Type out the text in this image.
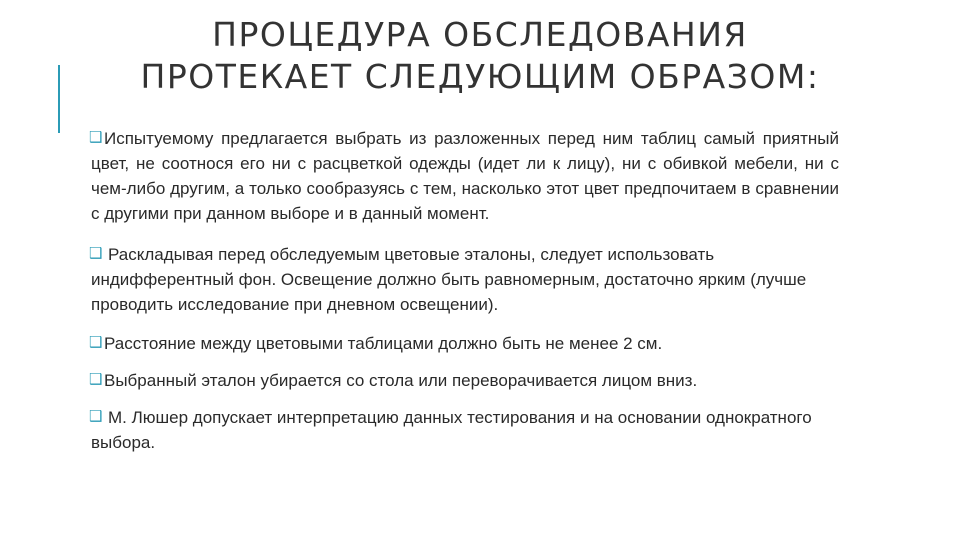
ПРОЦЕДУРА ОБСЛЕДОВАНИЯ
ПРОТЕКАЕТ СЛЕДУЮЩИМ ОБРАЗОМ:

❑ Испытуемому предлагается выбрать из разложенных перед ним таблиц самый приятный цвет, не соотнося его ни с расцветкой одежды (идет ли к лицу), ни с обивкой мебели, ни с чем-либо другим, а только сообразуясь с тем, насколько этот цвет предпочитаем в сравнении с другими при данном выборе и в данный момент.

❑ Раскладывая перед обследуемым цветовые эталоны, следует использовать индифферентный фон. Освещение должно быть равномерным, достаточно ярким (лучше проводить исследование при дневном освещении).

❑ Расстояние между цветовыми таблицами должно быть не менее 2 см.

❑ Выбранный эталон убирается со стола или переворачивается лицом вниз.

❑ М. Люшер допускает интерпретацию данных тестирования и на основании однократного выбора.
